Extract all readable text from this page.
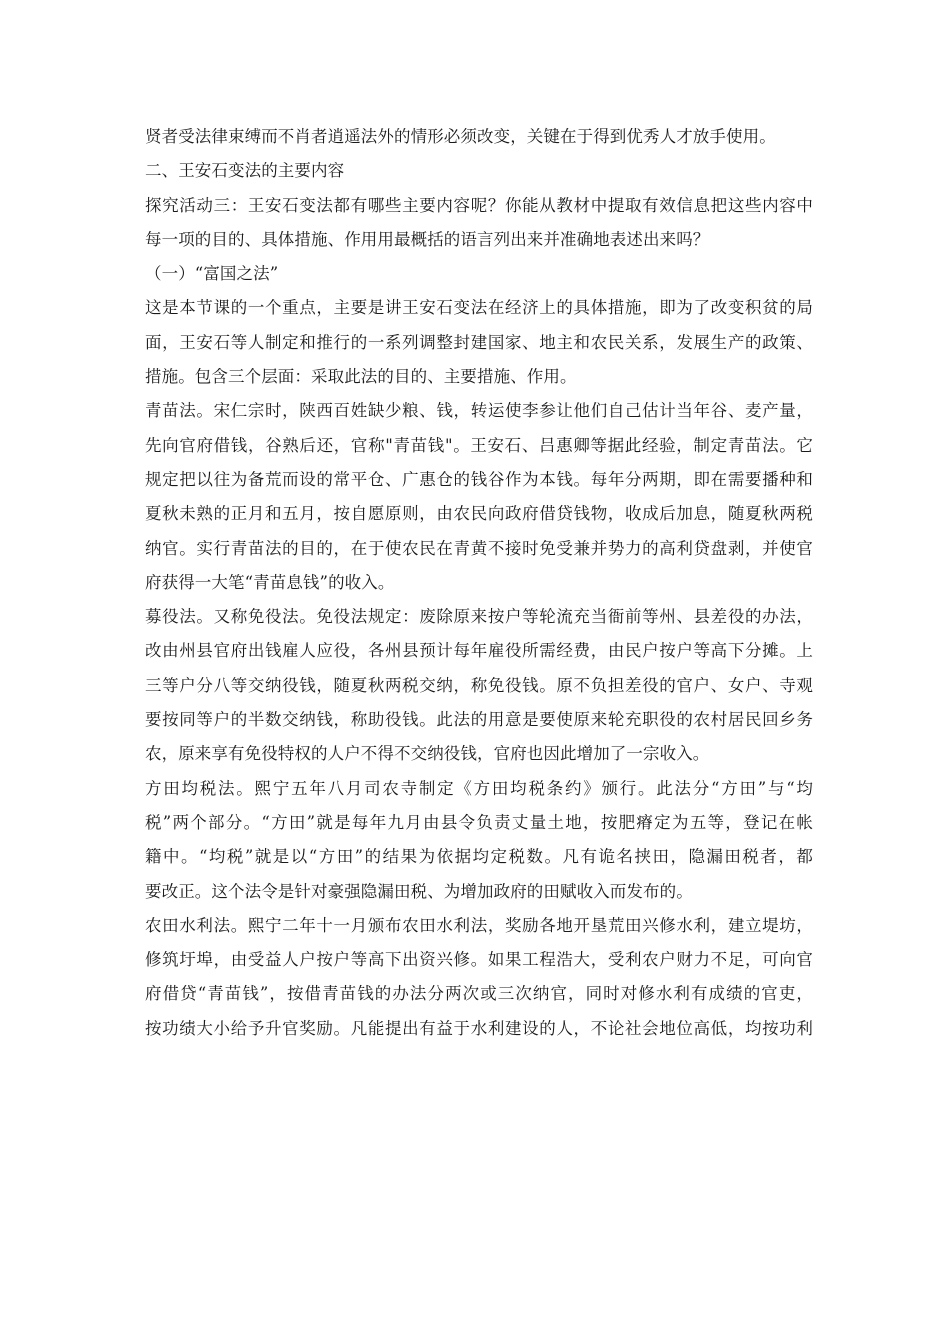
贤者受法律束缚而不肖者逍遥法外的情形必须改变，关键在于得到优秀人才放手使用。
二、王安石变法的主要内容
探究活动三：王安石变法都有哪些主要内容呢？你能从教材中提取有效信息把这些内容中
每一项的目的、具体措施、作用用最概括的语言列出来并准确地表述出来吗？
（一）“富国之法”
这是本节课的一个重点，主要是讲王安石变法在经济上的具体措施，即为了改变积贫的局
面，王安石等人制定和推行的一系列调整封建国家、地主和农民关系，发展生产的政策、
措施。包含三个层面：采取此法的目的、主要措施、作用。
青苗法。宋仁宗时，陕西百姓缺少粮、钱，转运使李参让他们自己估计当年谷、麦产量，
先向官府借钱，谷熟后还，官称"青苗钱"。王安石、吕惠卿等据此经验，制定青苗法。它
规定把以往为备荒而设的常平仓、广惠仓的钱谷作为本钱。每年分两期，即在需要播种和
夏秋未熟的正月和五月，按自愿原则，由农民向政府借贷钱物，收成后加息，随夏秋两税
纳官。实行青苗法的目的，在于使农民在青黄不接时免受兼并势力的高利贷盘剥，并使官
府获得一大笔“青苗息钱”的收入。
募役法。又称免役法。免役法规定：废除原来按户等轮流充当衙前等州、县差役的办法，
改由州县官府出钱雇人应役，各州县预计每年雇役所需经费，由民户按户等高下分摊。上
三等户分八等交纳役钱，随夏秋两税交纳，称免役钱。原不负担差役的官户、女户、寺观
要按同等户的半数交纳钱，称助役钱。此法的用意是要使原来轮充职役的农村居民回乡务
农，原来享有免役特权的人户不得不交纳役钱，官府也因此增加了一宗收入。
方田均税法。熙宁五年八月司农寺制定《方田均税条约》颁行。此法分“方田”与“均
税”两个部分。“方田”就是每年九月由县令负责丈量土地，按肥瘠定为五等，登记在帐
籍中。“均税”就是以“方田”的结果为依据均定税数。凡有诡名挟田，隐漏田税者，都
要改正。这个法令是针对豪强隐漏田税、为增加政府的田赋收入而发布的。
农田水利法。熙宁二年十一月颁布农田水利法，奖励各地开垦荒田兴修水利，建立堤坊，
修筑圩埠，由受益人户按户等高下出资兴修。如果工程浩大，受利农户财力不足，可向官
府借贷“青苗钱”，按借青苗钱的办法分两次或三次纳官，同时对修水利有成绩的官吏，
按功绩大小给予升官奖励。凡能提出有益于水利建设的人，不论社会地位高低，均按功利
